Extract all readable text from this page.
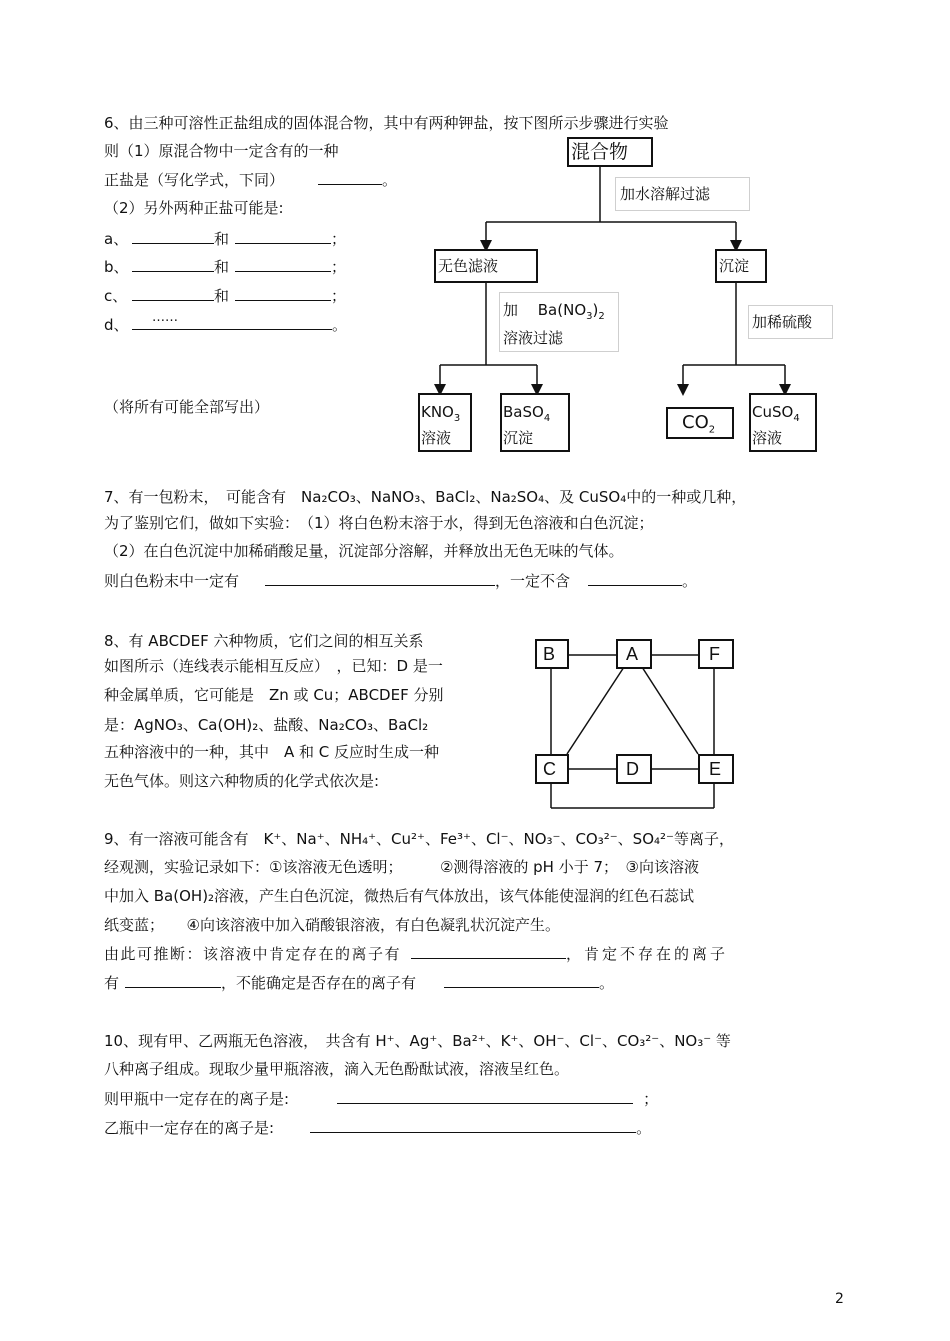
6、由三种可溶性正盐组成的固体混合物，其中有两种钾盐，按下图所示步骤进行实验
则（1）原混合物中一定含有的一种
正盐是（写化学式，下同）	。
（2）另外两种正盐可能是:
a、	和	；
b、	和	；
c、	和	；
d、 ……	。
（将所有可能全部写出）
混合物
加水溶解过滤
无色滤液	沉淀
加　 $Ba(NO_3)_2$
溶液过滤
加稀硫酸
$KNO_3$
溶液
BaSO$_4$
沉淀
$CO_2$
CuSO$_4$
溶液
7、有一包粉末，　可能含有　Na₂CO₃、NaNO₃、BaCl₂、Na₂SO₄、及 CuSO₄中的一种或几种，
为了鉴别它们，做如下实验：　（1）将白色粉末溶于水，得到无色溶液和白色沉淀；
（2）在白色沉淀中加稀硝酸足量，沉淀部分溶解，并释放出无色无味的气体。
则白色粉末中一定有	，一定不含	。
8、有 ABCDEF 六种物质，它们之间的相互关系
如图所示（连线表示能相互反应）　，已知：D 是一
种金属单质，它可能是　Zn 或 Cu；ABCDEF 分别
是：AgNO₃、Ca(OH)₂、盐酸、Na₂CO₃、BaCl₂
五种溶液中的一种，其中　A 和 C 反应时生成一种
无色气体。则这六种物质的化学式依次是:
B	A	F
C	D	E
9、有一溶液可能含有　K⁺、Na⁺、NH₄⁺、Cu²⁺、Fe³⁺、Cl⁻、NO₃⁻、CO₃²⁻、SO₄²⁻等离子，
经观测，实验记录如下：①该溶液无色透明；　　　②测得溶液的 pH 小于 7；　③向该溶液
中加入 Ba(OH)₂溶液，产生白色沉淀，微热后有气体放出，该气体能使湿润的红色石蕊试
纸变蓝；　　④向该溶液中加入硝酸银溶液，有白色凝乳状沉淀产生。
由此可推断：该溶液中肯定存在的离子有	，肯定不存在的离子
有	，不能确定是否存在的离子有	。
10、现有甲、乙两瓶无色溶液，　共含有 H⁺、Ag⁺、Ba²⁺、K⁺、OH⁻、Cl⁻、CO₃²⁻、NO₃⁻ 等
八种离子组成。现取少量甲瓶溶液，滴入无色酚酞试液，溶液呈红色。
则甲瓶中一定存在的离子是:	；
乙瓶中一定存在的离子是:	。
2
